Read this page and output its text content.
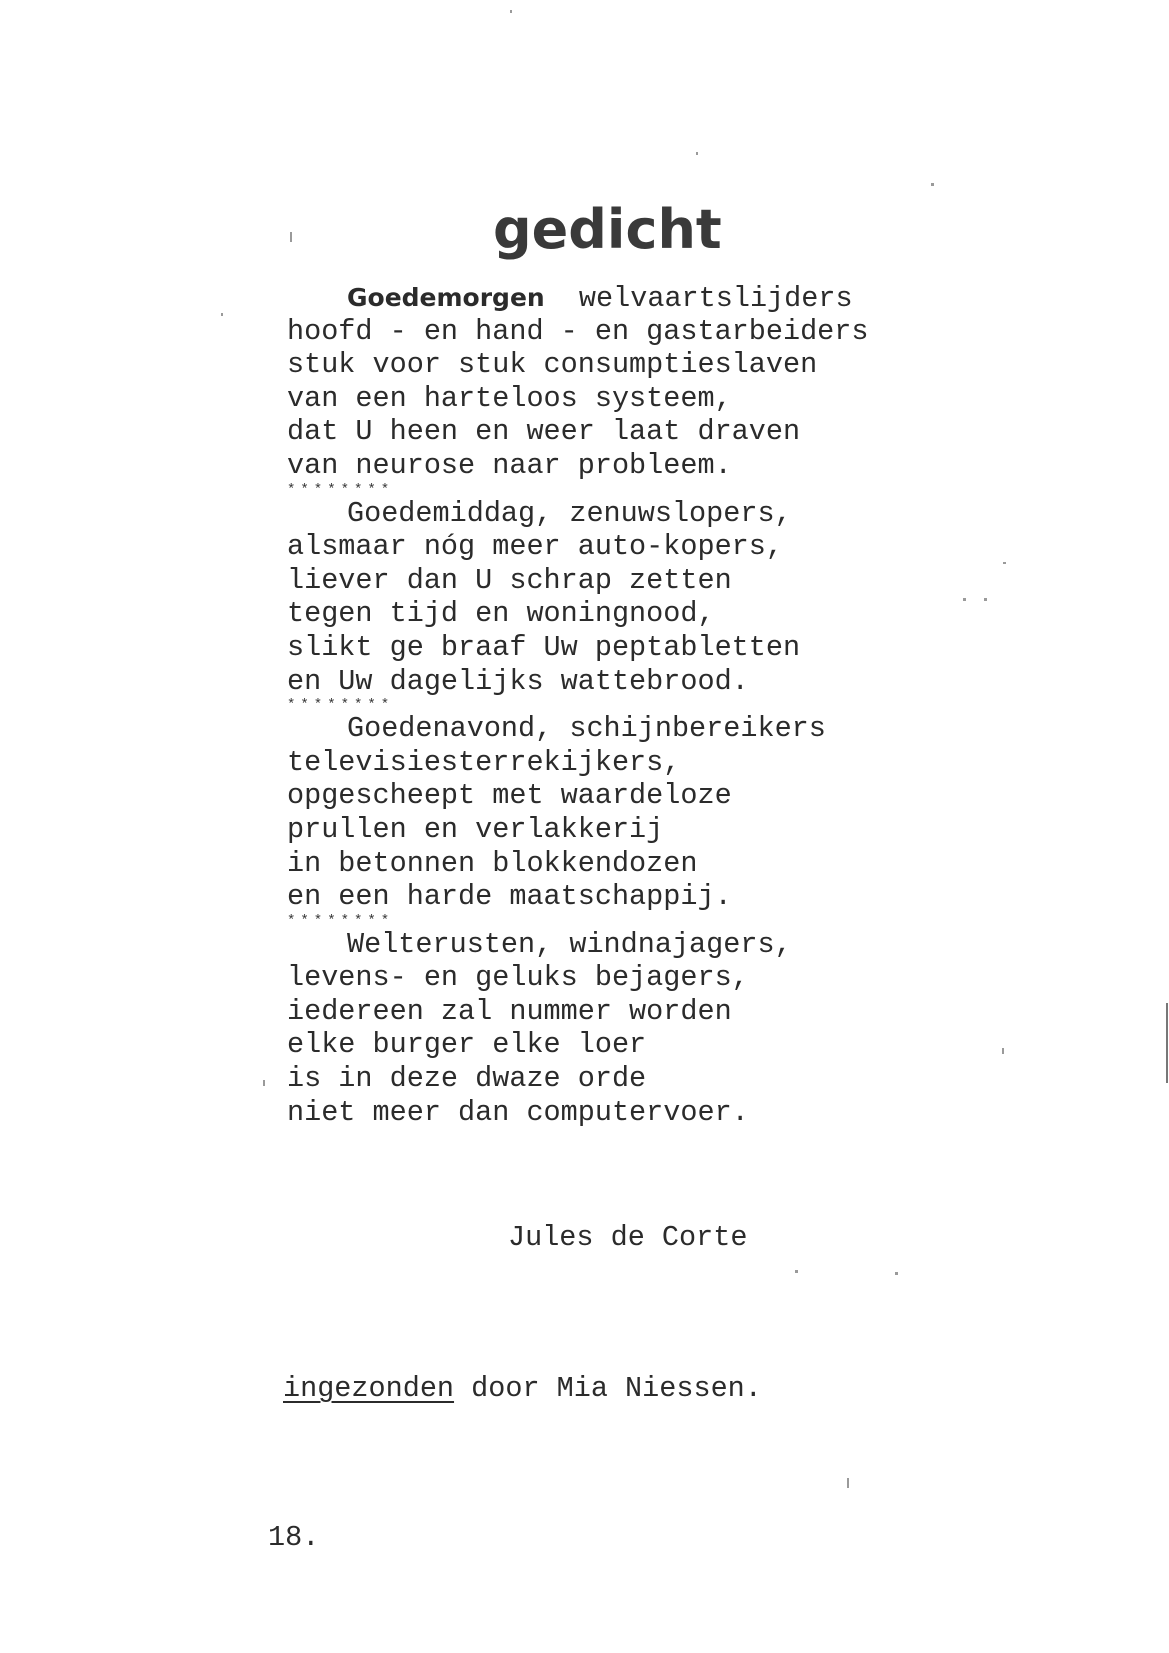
gedicht
Goedemorgen  welvaartslijders
hoofd - en hand - en gastarbeiders
stuk voor stuk consumptieslaven
van een harteloos systeem,
dat U heen en weer laat draven
van neurose naar probleem.
********
Goedemiddag, zenuwslopers,
alsmaar nóg meer auto-kopers,
liever dan U schrap zetten
tegen tijd en woningnood,
slikt ge braaf Uw peptabletten
en Uw dagelijks wattebrood.
********
Goedenavond, schijnbereikers
televisiesterrekijkers,
opgescheept met waardeloze
prullen en verlakkerij
in betonnen blokkendozen
en een harde maatschappij.
********
Welterusten, windnajagers,
levens- en geluks bejagers,
iedereen zal nummer worden
elke burger elke loer
is in deze dwaze orde
niet meer dan computervoer.
Jules de Corte
ingezonden door Mia Niessen.
18.
